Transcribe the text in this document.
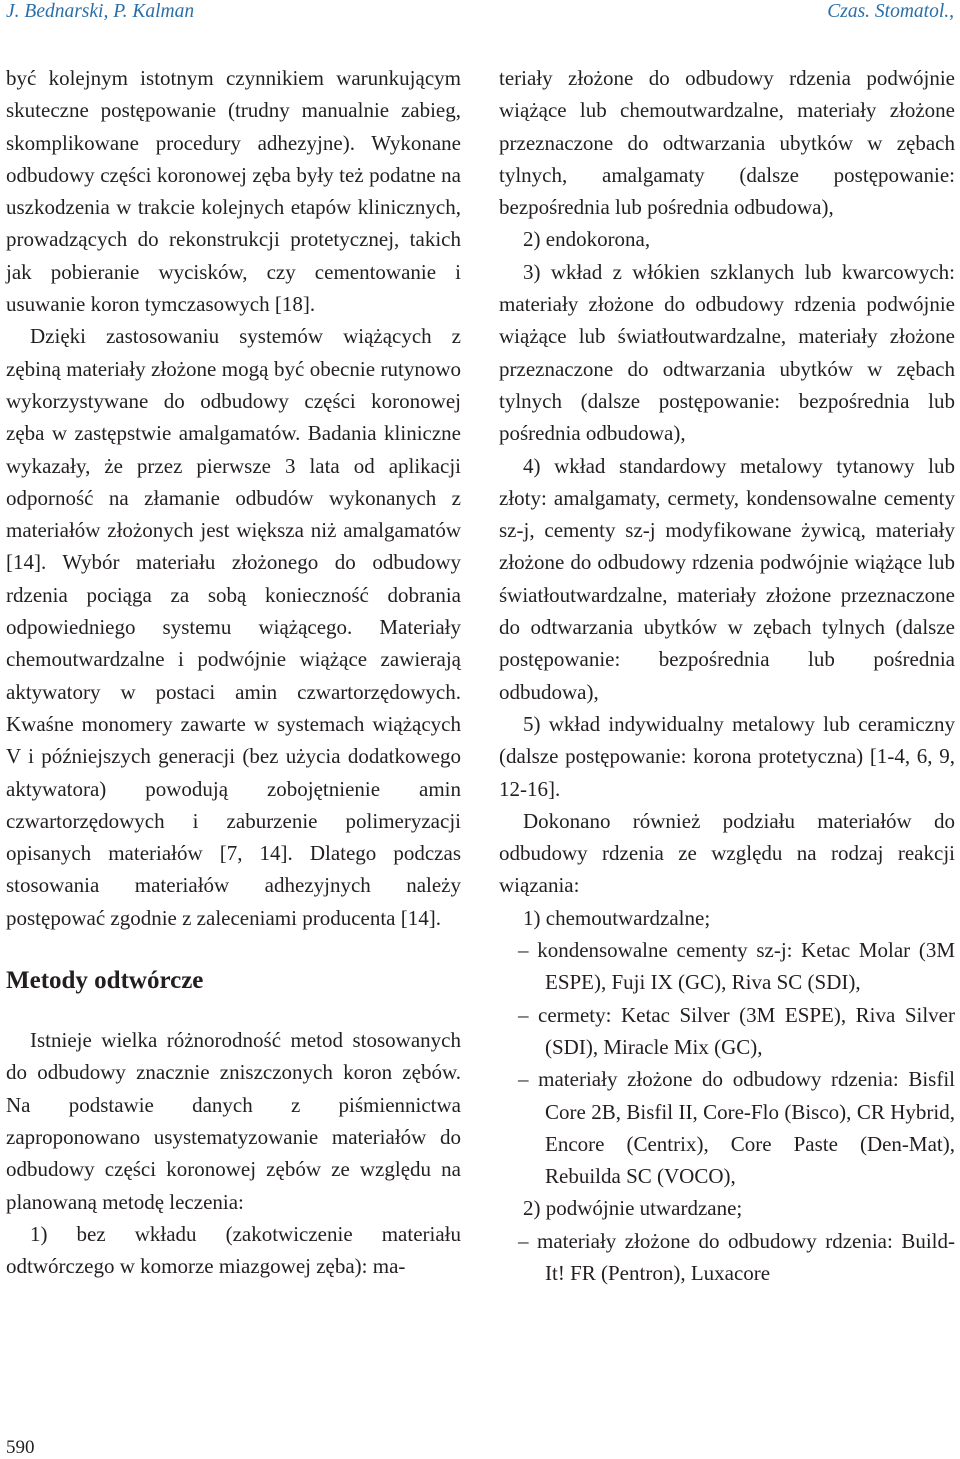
J. Bednarski, P. Kalman	Czas. Stomatol.,

być kolejnym istotnym czynnikiem warunkującym skuteczne postępowanie (trudny manualnie zabieg, skomplikowane procedury adhezyjne). Wykonane odbudowy części koronowej zęba były też podatne na uszkodzenia w trakcie kolejnych etapów klinicznych, prowadzących do rekonstrukcji protetycznej, takich jak pobieranie wycisków, czy cementowanie i usuwanie koron tymczasowych [18].

Dzięki zastosowaniu systemów wiążących z zębiną materiały złożone mogą być obecnie rutynowo wykorzystywane do odbudowy części koronowej zęba w zastępstwie amalgamatów. Badania kliniczne wykazały, że przez pierwsze 3 lata od aplikacji odporność na złamanie odbudów wykonanych z materiałów złożonych jest większa niż amalgamatów [14]. Wybór materiału złożonego do odbudowy rdzenia pociąga za sobą konieczność dobrania odpowiedniego systemu wiążącego. Materiały chemoutwardzalne i podwójnie wiążące zawierają aktywatory w postaci amin czwartorzędowych. Kwaśne monomery zawarte w systemach wiążących V i późniejszych generacji (bez użycia dodatkowego aktywatora) powodują zobojętnienie amin czwartorzędowych i zaburzenie polimeryzacji opisanych materiałów [7, 14]. Dlatego podczas stosowania materiałów adhezyjnych należy postępować zgodnie z zaleceniami producenta [14].

Metody odtwórcze

Istnieje wielka różnorodność metod stosowanych do odbudowy znacznie zniszczonych koron zębów. Na podstawie danych z piśmiennictwa zaproponowano usystematyzowanie materiałów do odbudowy części koronowej zębów ze względu na planowaną metodę leczenia:

1) bez wkładu (zakotwiczenie materiału odtwórczego w komorze miazgowej zęba): ma-

teriały złożone do odbudowy rdzenia podwójnie wiążące lub chemoutwardzalne, materiały złożone przeznaczone do odtwarzania ubytków w zębach tylnych, amalgamaty (dalsze postępowanie: bezpośrednia lub pośrednia odbudowa),

2) endokorona,

3) wkład z włókien szklanych lub kwarcowych: materiały złożone do odbudowy rdzenia podwójnie wiążące lub światłoutwardzalne, materiały złożone przeznaczone do odtwarzania ubytków w zębach tylnych (dalsze postępowanie: bezpośrednia lub pośrednia odbudowa),

4) wkład standardowy metalowy tytanowy lub złoty: amalgamaty, cermety, kondensowalne cementy sz-j, cementy sz-j modyfikowane żywicą, materiały złożone do odbudowy rdzenia podwójnie wiążące lub światłoutwardzalne, materiały złożone przeznaczone do odtwarzania ubytków w zębach tylnych (dalsze postępowanie: bezpośrednia lub pośrednia odbudowa),

5) wkład indywidualny metalowy lub ceramiczny (dalsze postępowanie: korona protetyczna) [1-4, 6, 9, 12-16].

Dokonano również podziału materiałów do odbudowy rdzenia ze względu na rodzaj reakcji wiązania:

1) chemoutwardzalne;

– kondensowalne cementy sz-j: Ketac Molar (3M ESPE), Fuji IX (GC), Riva SC (SDI),

– cermety: Ketac Silver (3M ESPE), Riva Silver (SDI), Miracle Mix (GC),

– materiały złożone do odbudowy rdzenia: Bisfil Core 2B, Bisfil II, Core-Flo (Bisco), CR Hybrid, Encore (Centrix), Core Paste (Den-Mat), Rebuilda SC (VOCO),

2) podwójnie utwardzane;

– materiały złożone do odbudowy rdzenia: Build-It! FR (Pentron), Luxacore

590
